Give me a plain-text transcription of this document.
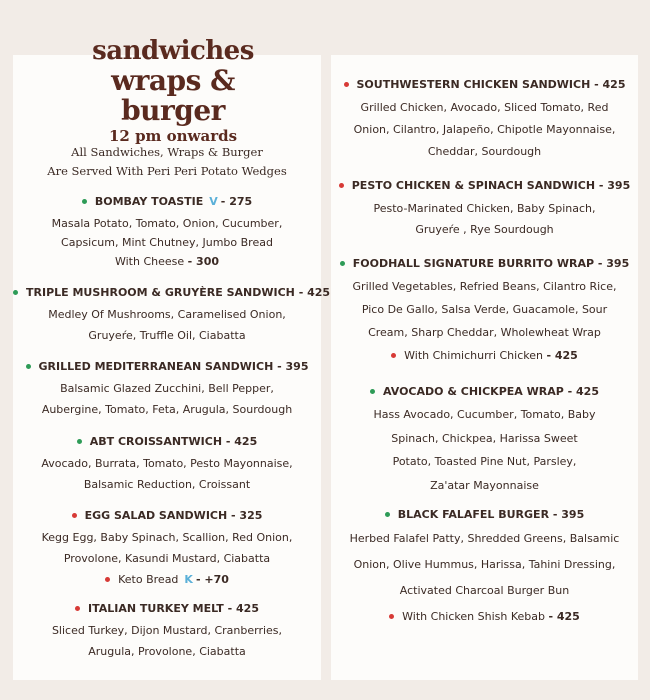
sandwiches
wraps & burger
12 pm onwards
All Sandwiches, Wraps & Burger
Are Served With Peri Peri Potato Wedges
BOMBAY TOASTIE V - 275
Masala Potato, Tomato, Onion, Cucumber,
Capsicum, Mint Chutney, Jumbo Bread
With Cheese - 300
TRIPLE MUSHROOM & GRUYÈRE SANDWICH - 425
Medley Of Mushrooms, Caramelised Onion,
Gruyeŕe, Truffle Oil, Ciabatta
GRILLED MEDITERRANEAN SANDWICH - 395
Balsamic Glazed Zucchini, Bell Pepper,
Aubergine, Tomato, Feta, Arugula, Sourdough
ABT CROISSANTWICH - 425
Avocado, Burrata, Tomato, Pesto Mayonnaise,
Balsamic Reduction, Croissant
EGG SALAD SANDWICH - 325
Kegg Egg, Baby Spinach, Scallion, Red Onion,
Provolone, Kasundi Mustard, Ciabatta
Keto Bread K - +70
ITALIAN TURKEY MELT - 425
Sliced Turkey, Dijon Mustard, Cranberries,
Arugula, Provolone, Ciabatta
SOUTHWESTERN CHICKEN SANDWICH - 425
Grilled Chicken, Avocado, Sliced Tomato, Red
Onion, Cilantro, Jalapeño, Chipotle Mayonnaise,
Cheddar, Sourdough
PESTO CHICKEN & SPINACH SANDWICH - 395
Pesto-Marinated Chicken, Baby Spinach,
Gruyeŕe , Rye Sourdough
FOODHALL SIGNATURE BURRITO WRAP - 395
Grilled Vegetables, Refried Beans, Cilantro Rice,
Pico De Gallo, Salsa Verde, Guacamole, Sour
Cream, Sharp Cheddar, Wholewheat Wrap
With Chimichurri Chicken - 425
AVOCADO & CHICKPEA WRAP - 425
Hass Avocado, Cucumber, Tomato, Baby
Spinach, Chickpea, Harissa Sweet
Potato, Toasted Pine Nut, Parsley,
Za'atar Mayonnaise
BLACK FALAFEL BURGER - 395
Herbed Falafel Patty, Shredded Greens, Balsamic
Onion, Olive Hummus, Harissa, Tahini Dressing,
Activated Charcoal Burger Bun
With Chicken Shish Kebab - 425
